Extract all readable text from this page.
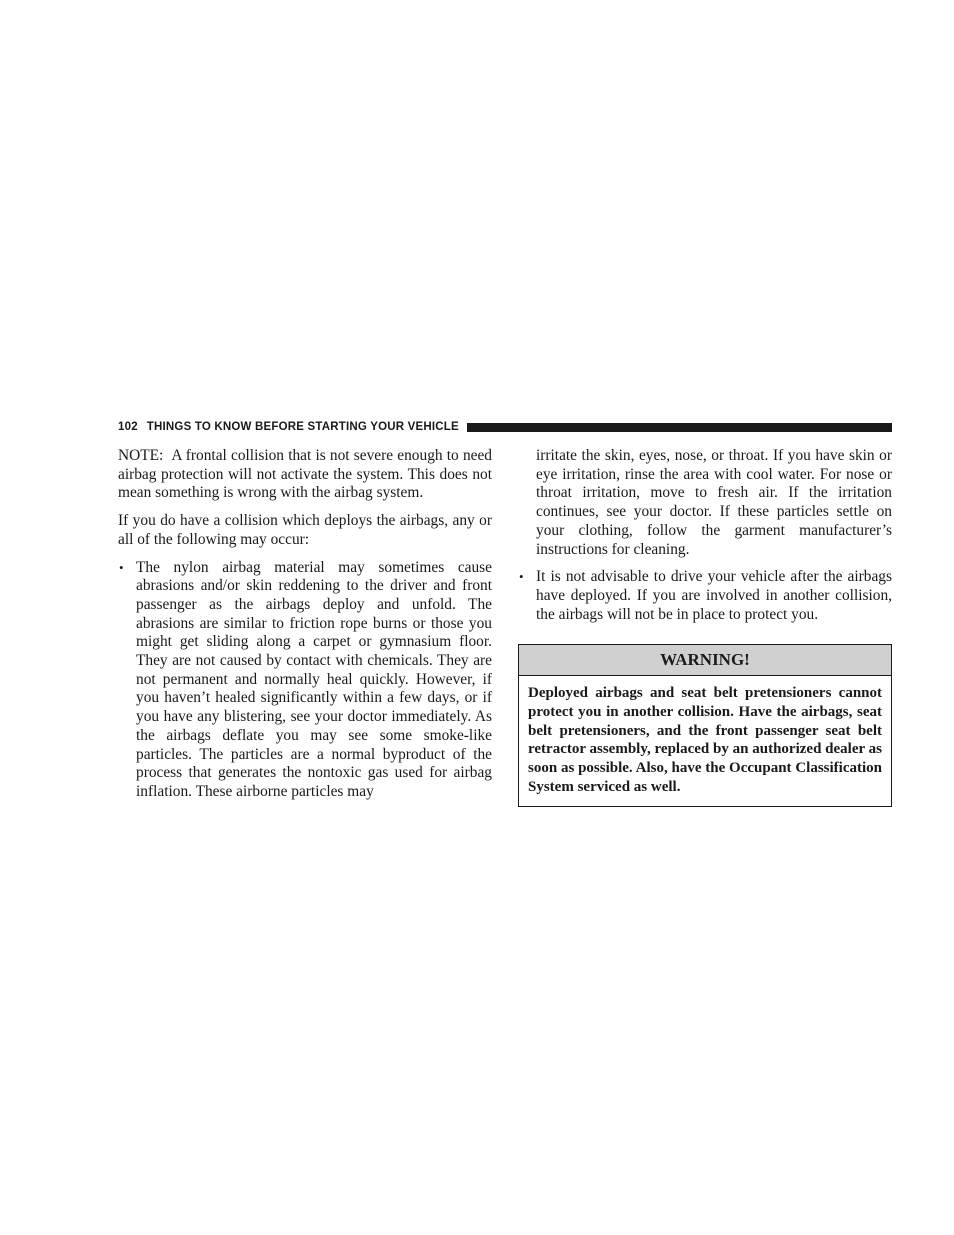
102 THINGS TO KNOW BEFORE STARTING YOUR VEHICLE

NOTE: A frontal collision that is not severe enough to need airbag protection will not activate the system. This does not mean something is wrong with the airbag system.

If you do have a collision which deploys the airbags, any or all of the following may occur:

• The nylon airbag material may sometimes cause abrasions and/or skin reddening to the driver and front passenger as the airbags deploy and unfold. The abrasions are similar to friction rope burns or those you might get sliding along a carpet or gymnasium floor. They are not caused by contact with chemicals. They are not permanent and normally heal quickly. However, if you haven’t healed significantly within a few days, or if you have any blistering, see your doctor immediately. As the airbags deflate you may see some smoke-like particles. The particles are a normal byproduct of the process that generates the nontoxic gas used for airbag inflation. These airborne particles may
irritate the skin, eyes, nose, or throat. If you have skin or eye irritation, rinse the area with cool water. For nose or throat irritation, move to fresh air. If the irritation continues, see your doctor. If these particles settle on your clothing, follow the garment manufacturer’s instructions for cleaning.
• It is not advisable to drive your vehicle after the airbags have deployed. If you are involved in another collision, the airbags will not be in place to protect you.
WARNING!
Deployed airbags and seat belt pretensioners cannot protect you in another collision. Have the airbags, seat belt pretensioners, and the front passenger seat belt retractor assembly, replaced by an authorized dealer as soon as possible. Also, have the Occupant Classification System serviced as well.
